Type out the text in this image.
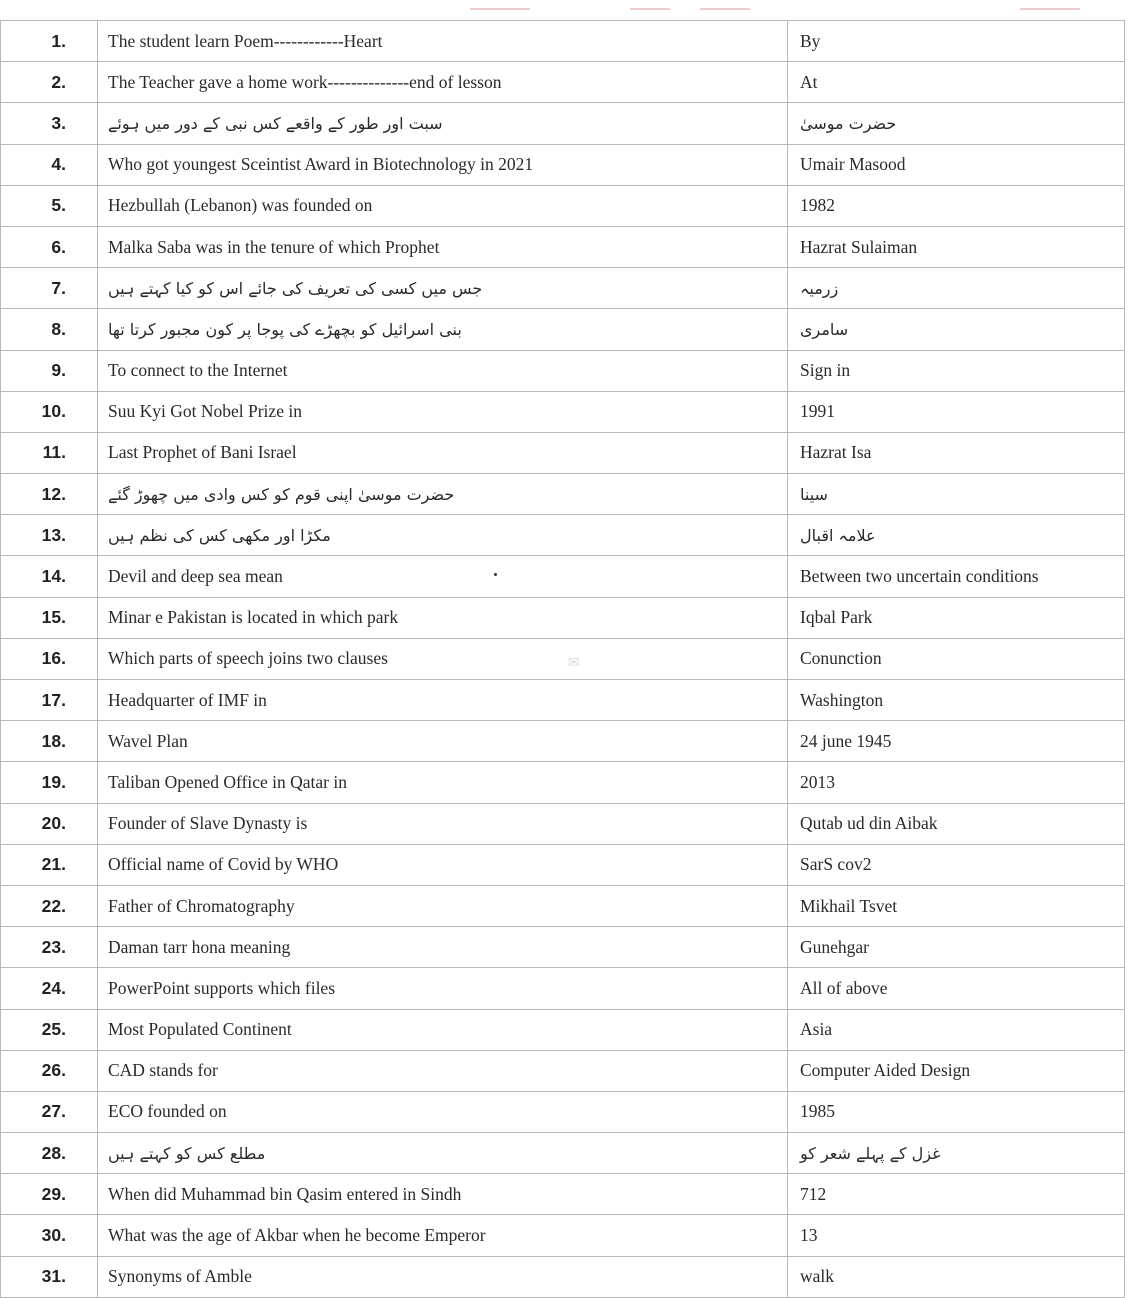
1.	The student learn Poem------------Heart	By
2.	The Teacher gave a home work--------------end of lesson	At
3.	سبت اور طور کے واقعے کس نبی کے دور میں ہوئے	حضرت موسیٰ
4.	Who got youngest Sceintist Award in Biotechnology in 2021	Umair Masood
5.	Hezbullah (Lebanon) was founded on	1982
6.	Malka Saba was in the tenure of which Prophet	Hazrat Sulaiman
7.	جس میں کسی کی تعریف کی جائے اس کو کیا کہتے ہیں	زرمیہ
8.	بنی اسرائیل کو بچھڑے کی پوجا پر کون مجبور کرتا تھا	سامری
9.	To connect to the Internet	Sign in
10.	Suu Kyi Got Nobel Prize in	1991
11.	Last Prophet of Bani Israel	Hazrat Isa
12.	حضرت موسیٰ اپنی قوم کو کس وادی میں چھوڑ گئے	سینا
13.	مکڑا اور مکھی کس کی نظم ہیں	علامہ اقبال
14.	Devil and deep sea mean	Between two uncertain conditions
15.	Minar e Pakistan is located in which park	Iqbal Park
16.	Which parts of speech joins two clauses	Conunction
17.	Headquarter of IMF in	Washington
18.	Wavel Plan	24 june 1945
19.	Taliban Opened Office in Qatar in	2013
20.	Founder of Slave Dynasty is	Qutab ud din Aibak
21.	Official name of Covid by WHO	SarS cov2
22.	Father of Chromatography	Mikhail Tsvet
23.	Daman tarr hona meaning	Gunehgar
24.	PowerPoint supports which files	All of above
25.	Most Populated Continent	Asia
26.	CAD stands for	Computer Aided Design
27.	ECO founded on	1985
28.	مطلع کس کو کہتے ہیں	غزل کے پہلے شعر کو
29.	When did Muhammad bin Qasim entered in Sindh	712
30.	What was the age of Akbar when he become Emperor	13
31.	Synonyms of Amble	walk
✉
